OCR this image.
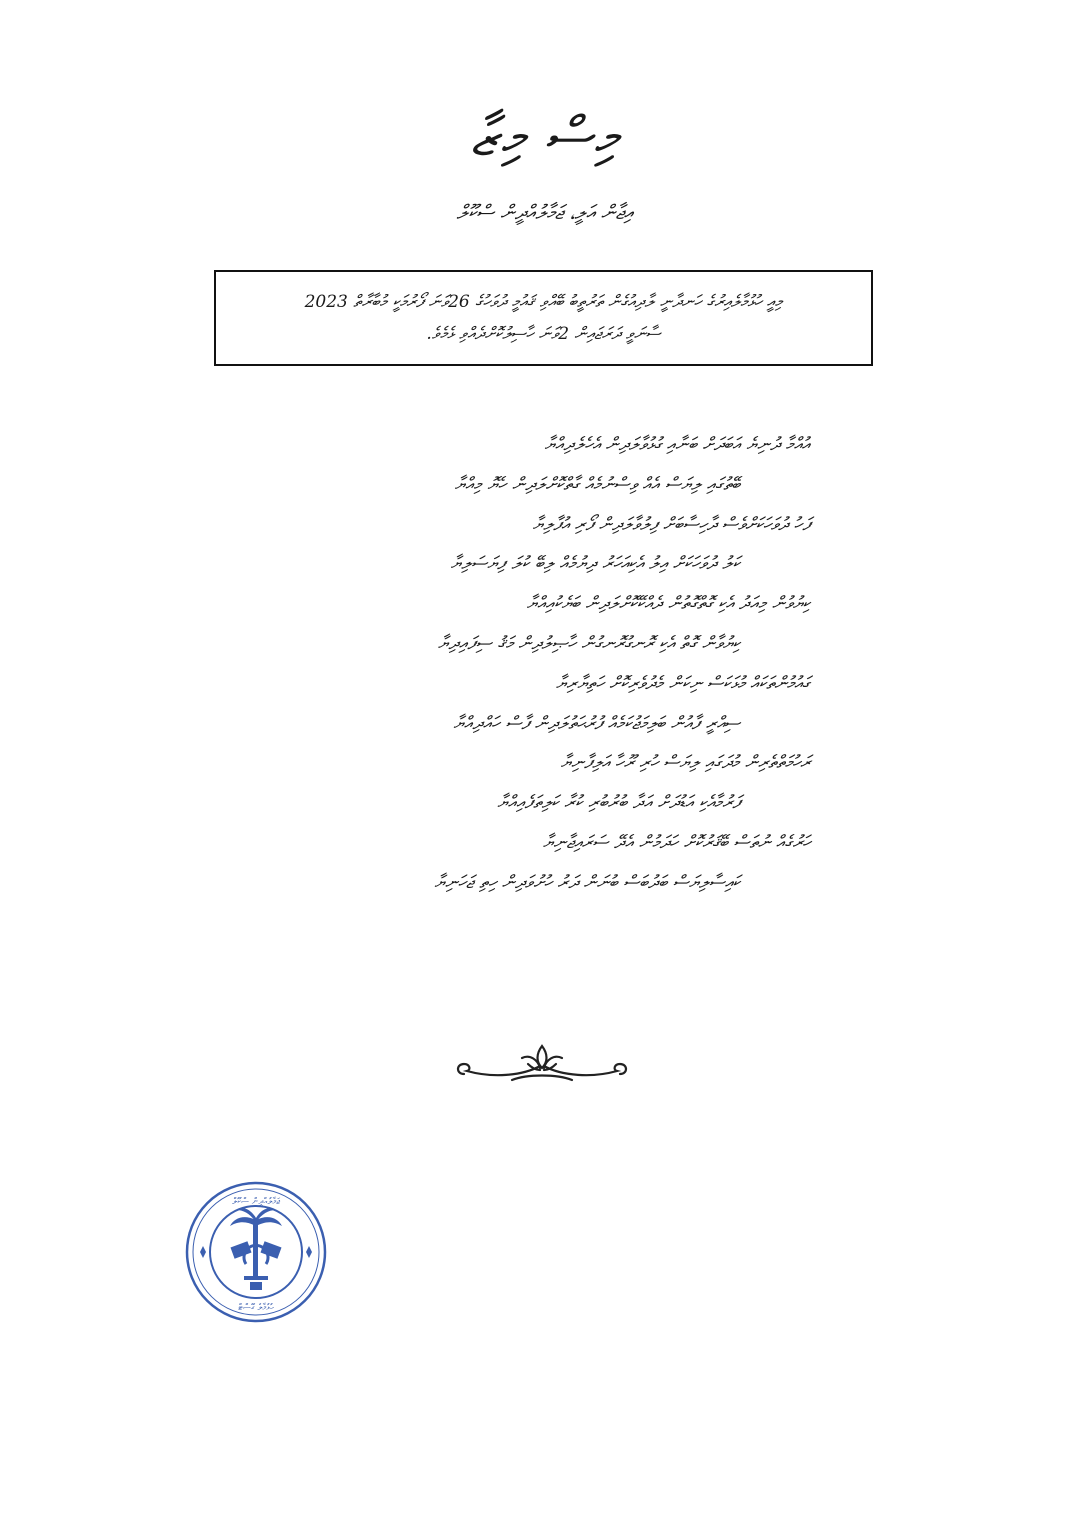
މިސް މިޒާ
އިޖާން އަލީ، ޖަމާލުއްދީން ސްކޫލް
މިއީ ހުޅުމާލެއިރުގެ ހަނދާނީ ލާދިއުގެން ތަރުތީބު ބޭއްވި ޤައުމީ ދުވަހުގެ 26ވަނަ ފޯރުމަކީ މުބާރާތް 2023
ސާނަވީ ދަރަޖައިން 2ވަނަ ހާސިލުކޮށްދެއްވި ޅެމެވެ.
އުއްމާ ދުނިޔެ އަބަދަށް ބަނާއި ގުޅުވާލަދިން އެހެލެދިއްޔާ
ބޭތުގައި ލިޔަސް އެއް ވިސްނުމެއް ގާތްކޮށްލަދިން ހެޔޮ މިއްޔާ
ފަހު ދުވަހަކަށްވެސް ދާހިސާބަށް ފިލުވާލަދިން ފޯރި އުފާލިޔާ
ކަލު ދުވަހަކަށް އިލު އެކިއަހަރު ދިޔުމެއް ލިބޭ ކުލަ ފިޔަސަލިޔާ
ކިޔުވުން މިއަދު އެކި ގޮތްގޮތުން ދެއްކޭކޮށްލަދިން ބަޔެކުއިއްޔާ
ކިޔުވާން ގޮތް އެކި ރޮނގުރޮނގުން ހާޞިލުދިން މަޤު ސިފައިދިޔާ
ގައުމުންތަކައް މުޅަކަސް ނިކަން މެދުވެރިކޮށް ހަތިޔާރިޔާ
ސިއްރީ ފާއުން ބަލިމަޖުކަމެއް ފުރުޙަތުލަދިން ފާސް ހައްދިއްޔާ
ރަހުމަތްތެރިން މުދަގައި ލިޔަސް ހުރި ރޫހާ އަލިފާނިޔާ
ފަރުމާއެކި އަޑުދަށް އަދާ ބުރުބުރި ކުރާ ކަލިތަފެއިއްޔާ
ހަރުގެއް ނުތަސް ބޭޤަރުކޮށް ހަދަމުން އެދޭ ސަރައިޖާނިޔާ
ކައިސާލިޔަސް ބަދުބަސް ބުނަން ދަރު ހުށުވަދިން ހިތި ޖަހަނިޔާ
ޖަމާލުއްދީން ސްކޫލް
ހުޅުމާލެ ގޭސްޓް
